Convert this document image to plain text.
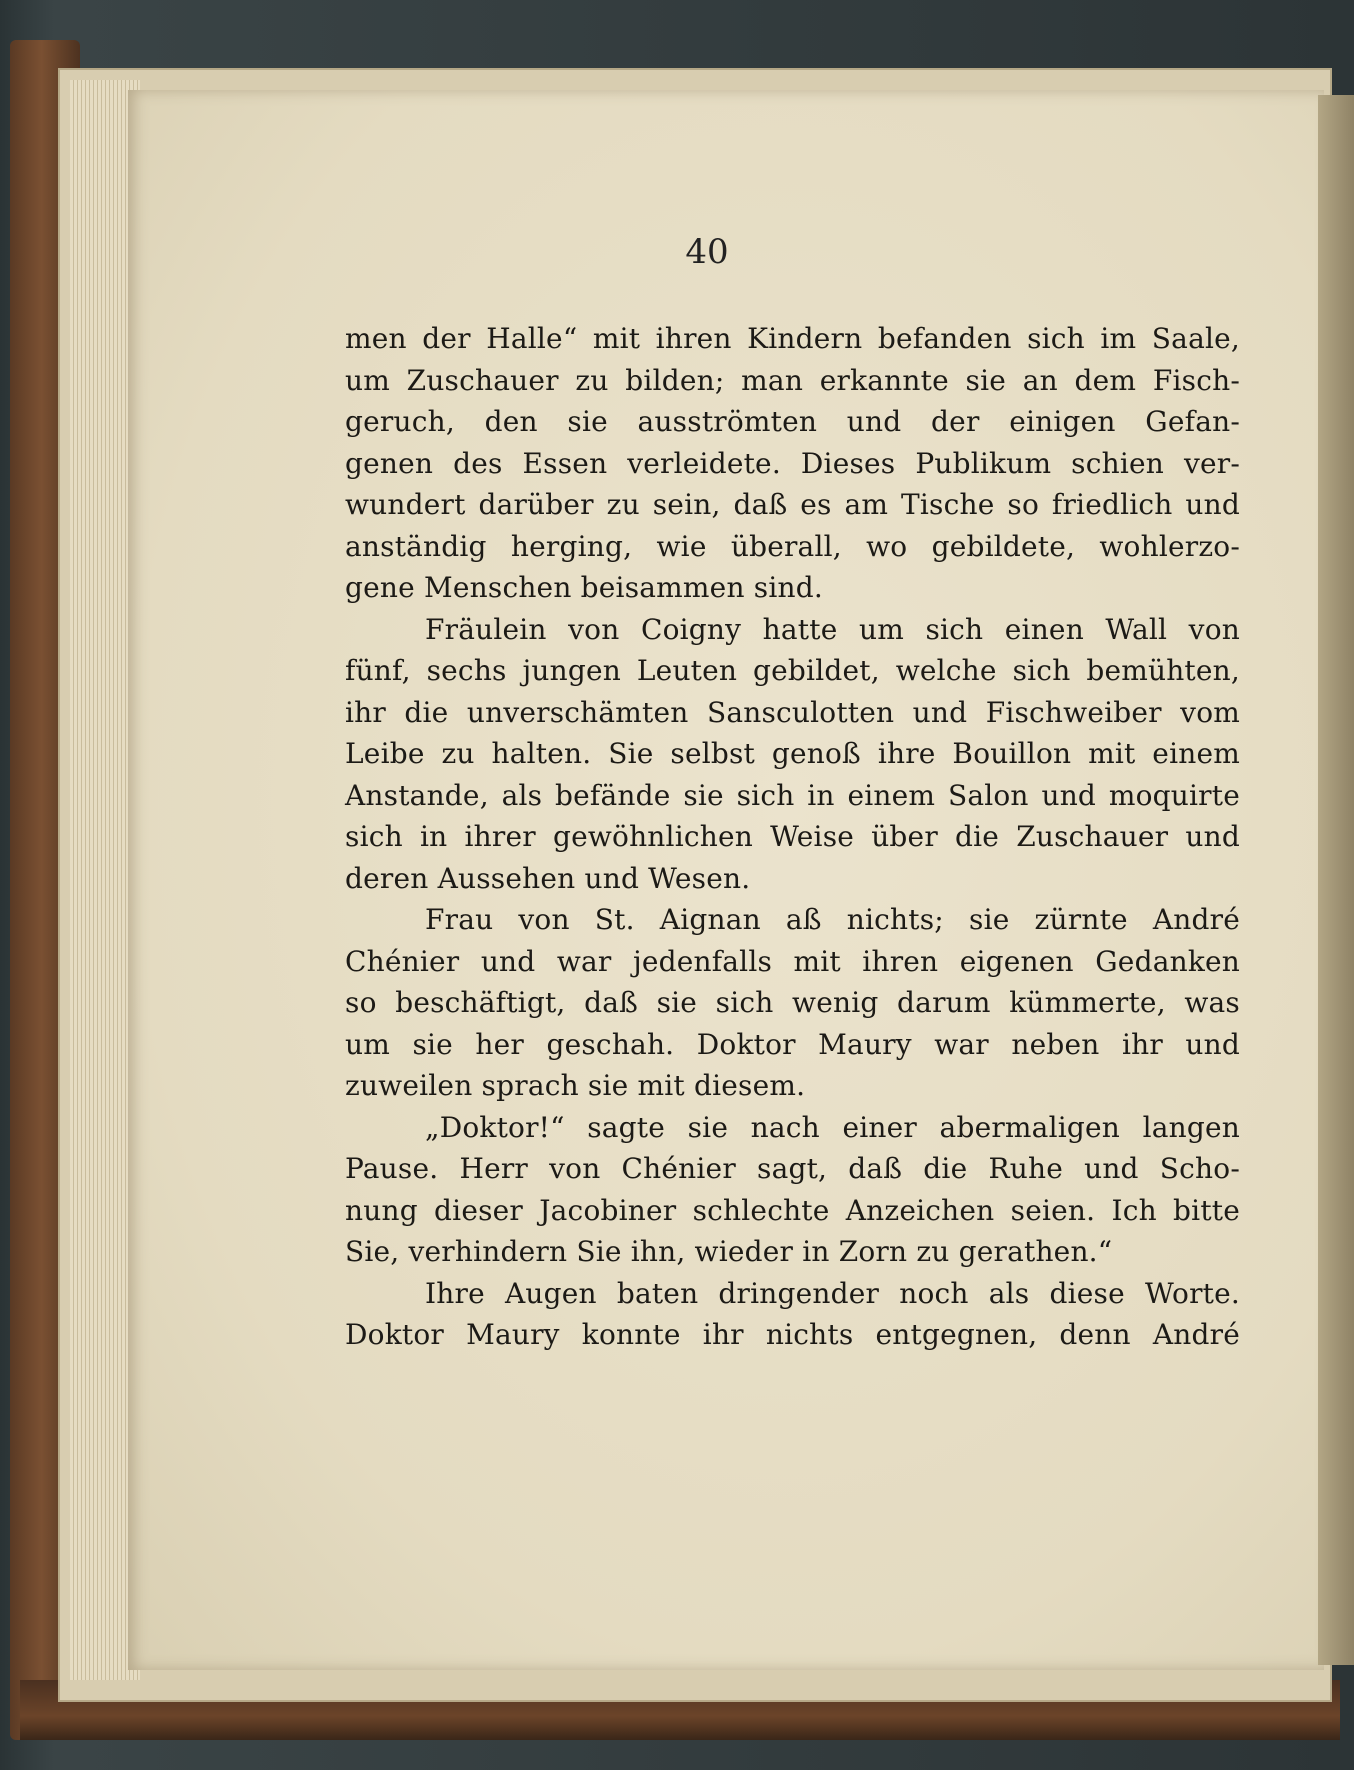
40
men der Halle“ mit ihren Kindern befanden sich im Saale,
um Zuschauer zu bilden; man erkannte sie an dem Fisch-
geruch, den sie ausströmten und der einigen Gefan-
genen des Essen verleidete. Dieses Publikum schien ver-
wundert darüber zu sein, daß es am Tische so friedlich und
anständig herging, wie überall, wo gebildete, wohlerzo-
gene Menschen beisammen sind.
Fräulein von Coigny hatte um sich einen Wall von
fünf, sechs jungen Leuten gebildet, welche sich bemühten,
ihr die unverschämten Sansculotten und Fischweiber vom
Leibe zu halten. Sie selbst genoß ihre Bouillon mit einem
Anstande, als befände sie sich in einem Salon und moquirte
sich in ihrer gewöhnlichen Weise über die Zuschauer und
deren Aussehen und Wesen.
Frau von St. Aignan aß nichts; sie zürnte André
Chénier und war jedenfalls mit ihren eigenen Gedanken
so beschäftigt, daß sie sich wenig darum kümmerte, was
um sie her geschah. Doktor Maury war neben ihr und
zuweilen sprach sie mit diesem.
„Doktor!“ sagte sie nach einer abermaligen langen
Pause. Herr von Chénier sagt, daß die Ruhe und Scho-
nung dieser Jacobiner schlechte Anzeichen seien. Ich bitte
Sie, verhindern Sie ihn, wieder in Zorn zu gerathen.“
Ihre Augen baten dringender noch als diese Worte.
Doktor Maury konnte ihr nichts entgegnen, denn André
